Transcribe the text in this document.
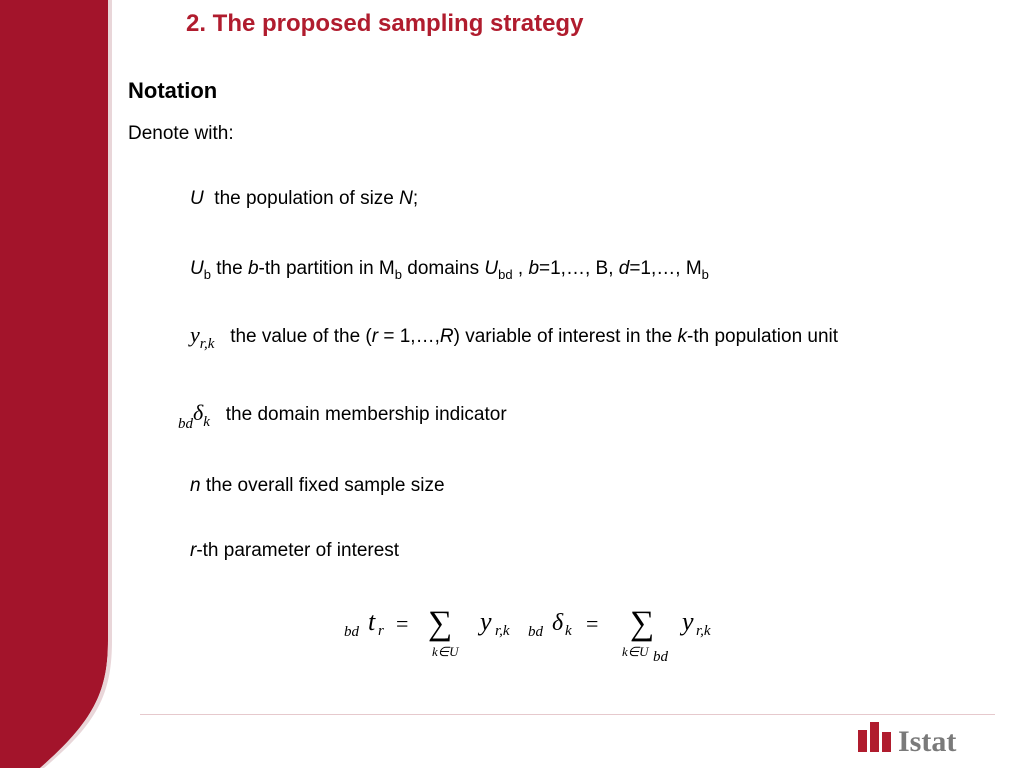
2. The proposed sampling strategy
Notation
Denote with:
U the population of size N;
$U_b$ the b-th partition in $M_b$ domains $U_{bd}$ , b=1,…, B, d=1,…, $M_b$
$y_{r,k}$ the value of the (r = 1,…,R) variable of interest in the k-th population unit
$_{bd}\delta_k$ the domain membership indicator
n the overall fixed sample size
r-th parameter of interest
bd t r = ∑
k∈U
y r,k bd δ k = ∑
k∈U bd
y r,k
Istat
